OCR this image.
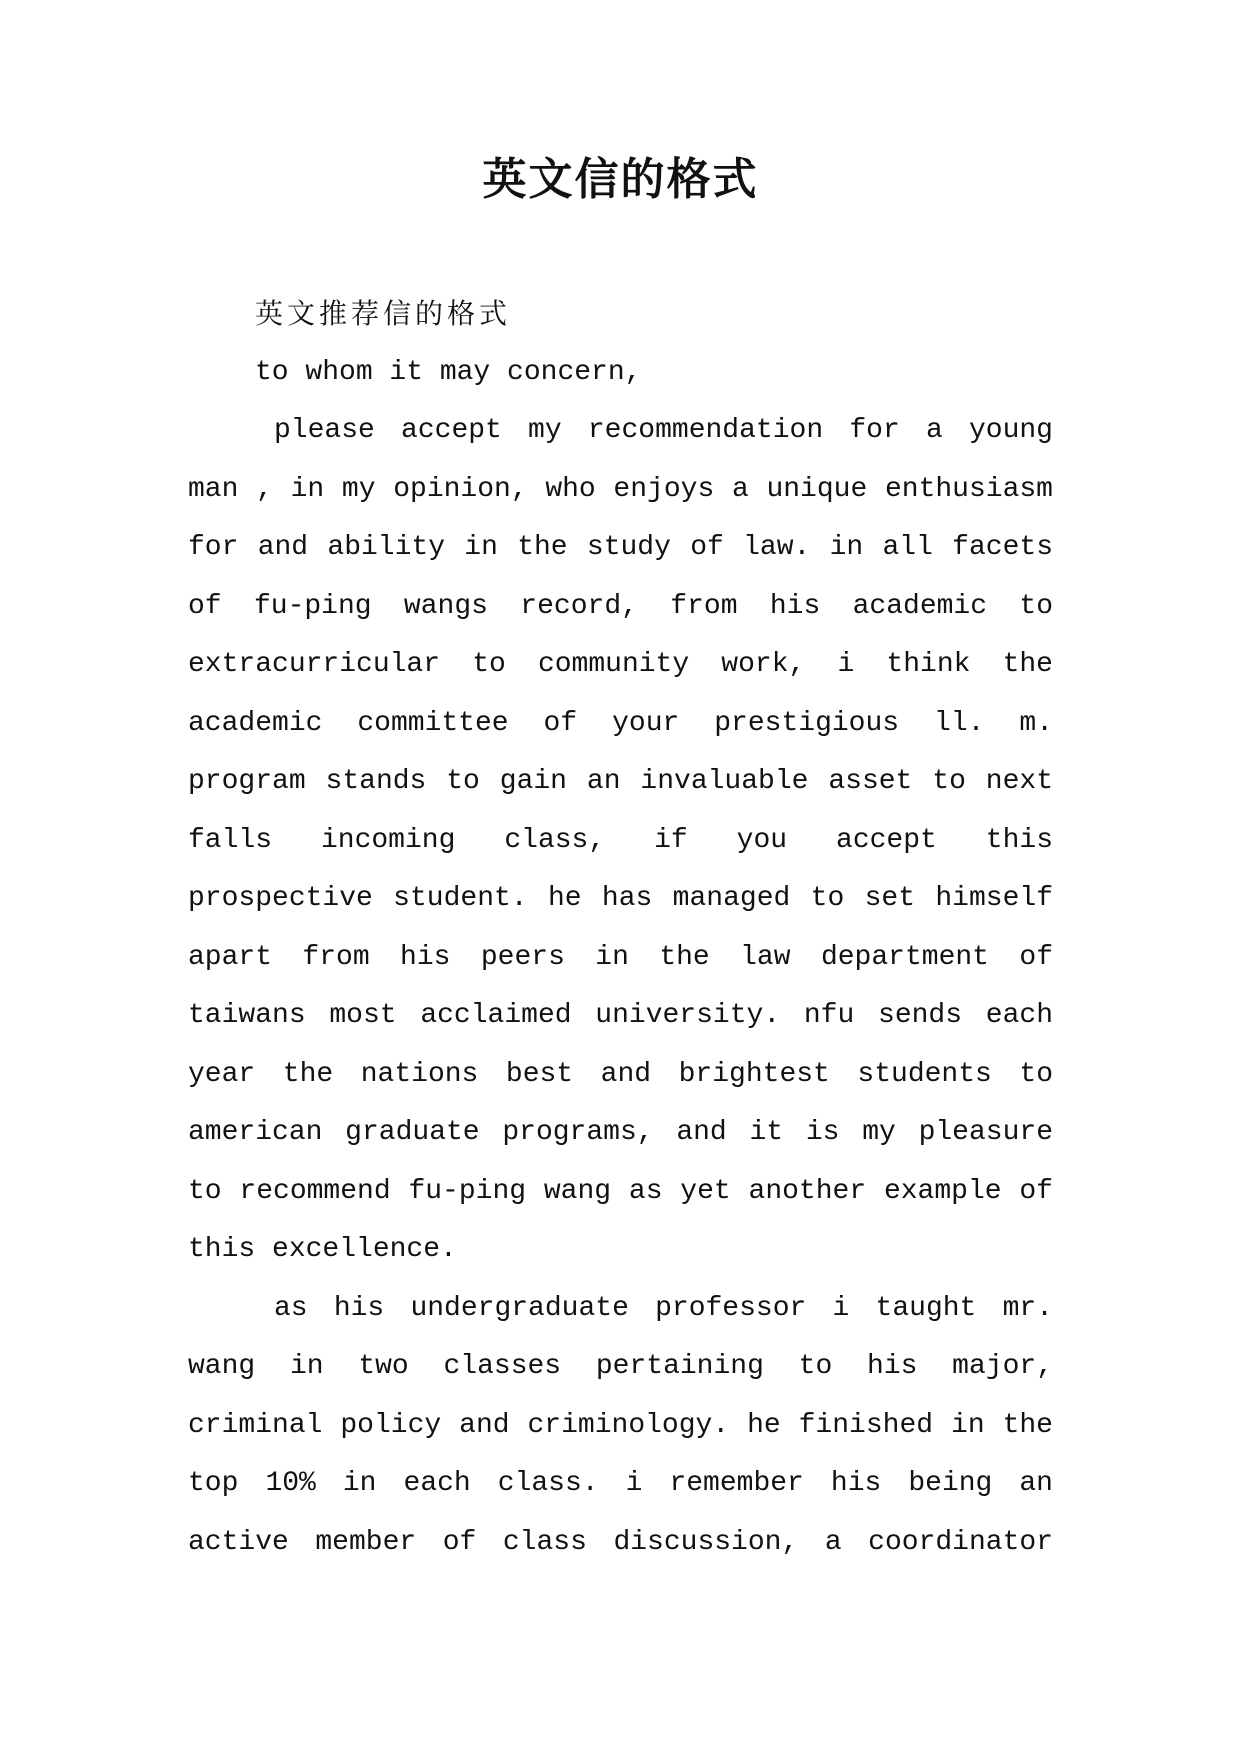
英文信的格式
英文推荐信的格式
to whom it may concern,
please accept my recommendation for a young
man , in my opinion, who enjoys a unique enthusiasm
for and ability in the study of law. in all facets
of fu-ping wangs record, from his academic to
extracurricular to community work, i think the
academic committee of your prestigious ll. m.
program stands to gain an invaluable asset to next
falls incoming class, if you accept this
prospective student. he has managed to set himself
apart from his peers in the law department of
taiwans most acclaimed university. nfu sends each
year the nations best and brightest students to
american graduate programs, and it is my pleasure
to recommend fu-ping wang as yet another example of
this excellence.
as his undergraduate professor i taught mr.
wang in two classes pertaining to his major,
criminal policy and criminology. he finished in the
top 10% in each class. i remember his being an
active member of class discussion, a coordinator
